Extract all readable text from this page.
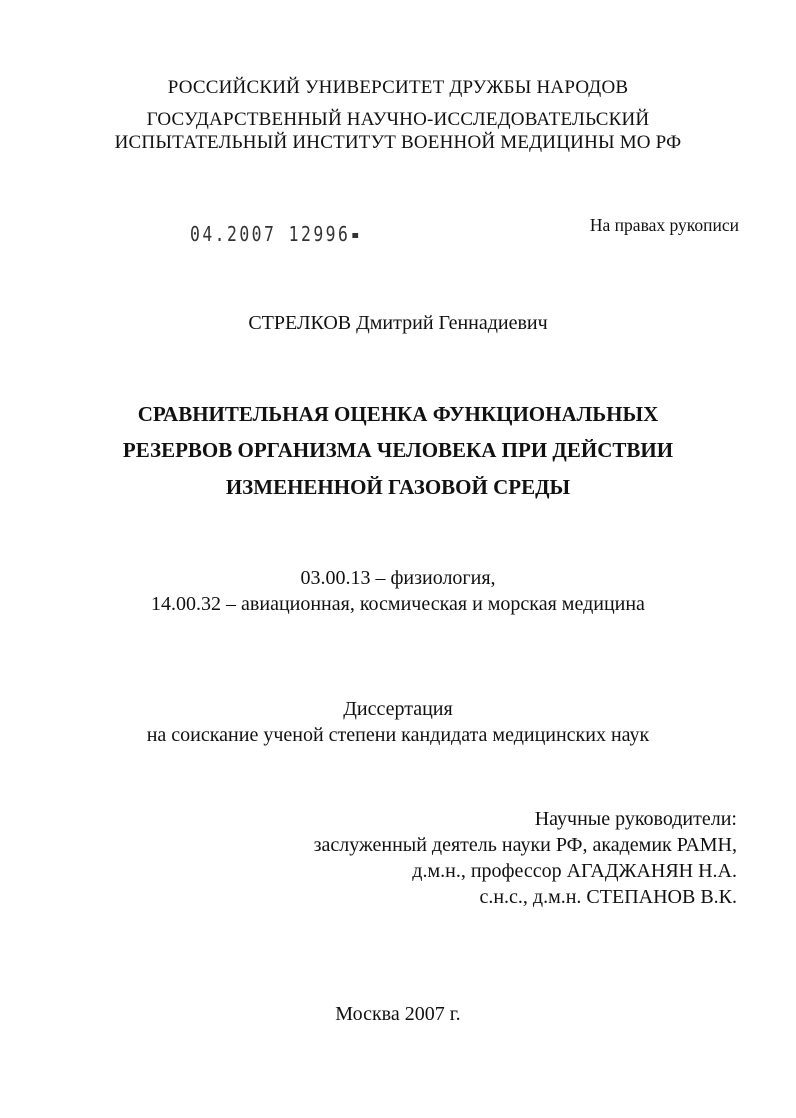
РОССИЙСКИЙ УНИВЕРСИТЕТ ДРУЖБЫ НАРОДОВ
ГОСУДАРСТВЕННЫЙ НАУЧНО-ИССЛЕДОВАТЕЛЬСКИЙ
ИСПЫТАТЕЛЬНЫЙ ИНСТИТУТ ВОЕННОЙ МЕДИЦИНЫ МО РФ
04.2007 12996	На правах рукописи
СТРЕЛКОВ Дмитрий Геннадиевич
СРАВНИТЕЛЬНАЯ ОЦЕНКА ФУНКЦИОНАЛЬНЫХ
РЕЗЕРВОВ ОРГАНИЗМА ЧЕЛОВЕКА ПРИ ДЕЙСТВИИ
ИЗМЕНЕННОЙ ГАЗОВОЙ СРЕДЫ
03.00.13 – физиология,
14.00.32 – авиационная, космическая и морская медицина
Диссертация
на соискание ученой степени кандидата медицинских наук
Научные руководители:
заслуженный деятель науки РФ, академик РАМН,
д.м.н., профессор АГАДЖАНЯН Н.А.
с.н.с., д.м.н. СТЕПАНОВ В.К.
Москва 2007 г.
